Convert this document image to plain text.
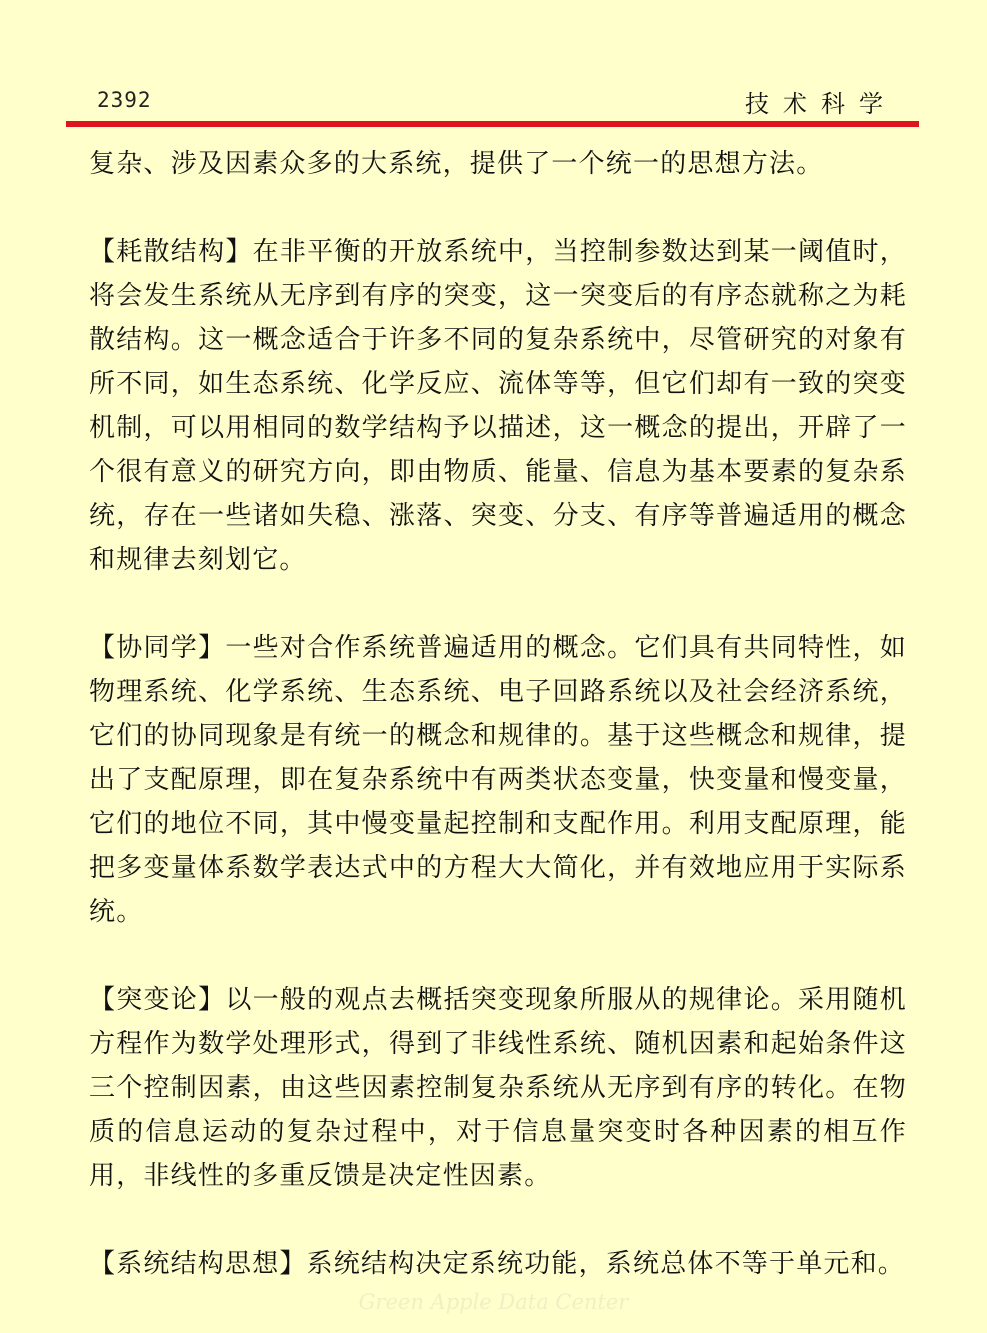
2392	技术科学

复杂、涉及因素众多的大系统，提供了一个统一的思想方法。

【耗散结构】在非平衡的开放系统中，当控制参数达到某一阈值时，将会发生系统从无序到有序的突变，这一突变后的有序态就称之为耗散结构。这一概念适合于许多不同的复杂系统中，尽管研究的对象有所不同，如生态系统、化学反应、流体等等，但它们却有一致的突变机制，可以用相同的数学结构予以描述，这一概念的提出，开辟了一个很有意义的研究方向，即由物质、能量、信息为基本要素的复杂系统，存在一些诸如失稳、涨落、突变、分支、有序等普遍适用的概念和规律去刻划它。

【协同学】一些对合作系统普遍适用的概念。它们具有共同特性，如物理系统、化学系统、生态系统、电子回路系统以及社会经济系统，它们的协同现象是有统一的概念和规律的。基于这些概念和规律，提出了支配原理，即在复杂系统中有两类状态变量，快变量和慢变量，它们的地位不同，其中慢变量起控制和支配作用。利用支配原理，能把多变量体系数学表达式中的方程大大简化，并有效地应用于实际系统。

【突变论】以一般的观点去概括突变现象所服从的规律论。采用随机方程作为数学处理形式，得到了非线性系统、随机因素和起始条件这三个控制因素，由这些因素控制复杂系统从无序到有序的转化。在物质的信息运动的复杂过程中，对于信息量突变时各种因素的相互作用，非线性的多重反馈是决定性因素。

【系统结构思想】系统结构决定系统功能，系统总体不等于单元和。

Green Apple Data Center
